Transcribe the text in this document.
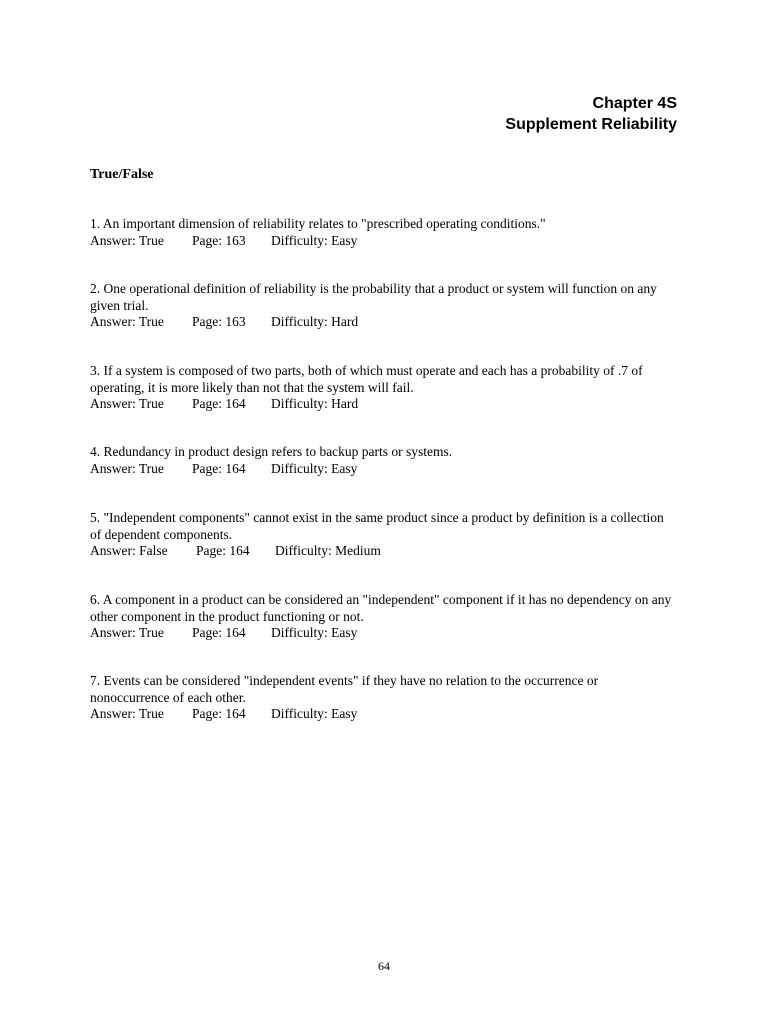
Chapter 4S
Supplement Reliability
True/False
1. An important dimension of reliability relates to "prescribed operating conditions."
Answer: True Page: 163 Difficulty: Easy
2. One operational definition of reliability is the probability that a product or system will function on any given trial.
Answer: True Page: 163 Difficulty: Hard
3. If a system is composed of two parts, both of which must operate and each has a probability of .7 of operating, it is more likely than not that the system will fail.
Answer: True Page: 164 Difficulty: Hard
4. Redundancy in product design refers to backup parts or systems.
Answer: True Page: 164 Difficulty: Easy
5. "Independent components" cannot exist in the same product since a product by definition is a collection of dependent components.
Answer: False Page: 164 Difficulty: Medium
6. A component in a product can be considered an "independent" component if it has no dependency on any other component in the product functioning or not.
Answer: True Page: 164 Difficulty: Easy
7. Events can be considered "independent events" if they have no relation to the occurrence or nonoccurrence of each other.
Answer: True Page: 164 Difficulty: Easy
64
